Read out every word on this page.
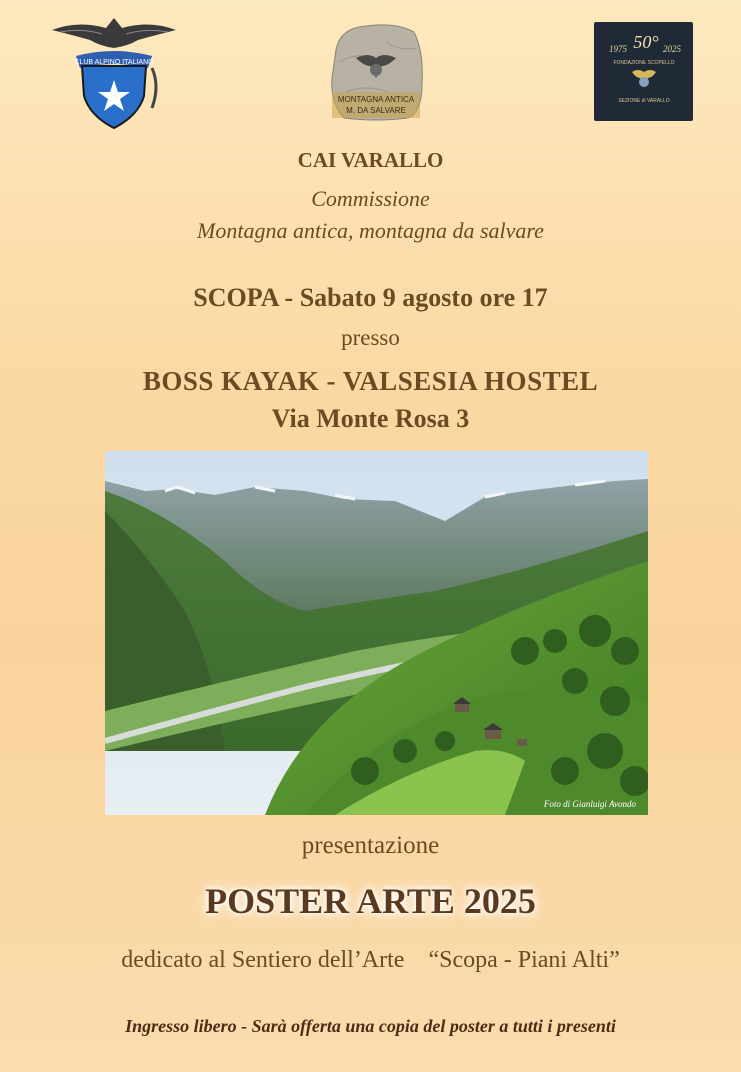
CLUB ALPINO ITALIANO
MONTAGNA ANTICA
M. DA SALVARE
1975 50° 2025
FONDAZIONE SCOPELLO
SEZIONE di VARALLO
CAI VARALLO
Commissione
Montagna antica, montagna da salvare
SCOPA - Sabato 9 agosto ore 17
presso
BOSS KAYAK - VALSESIA HOSTEL
Via Monte Rosa 3
Foto di Gianluigi Avondo
presentazione
POSTER ARTE 2025
dedicato al Sentiero dell’Arte    “Scopa - Piani Alti”
Ingresso libero - Sarà offerta una copia del poster a tutti i presenti
